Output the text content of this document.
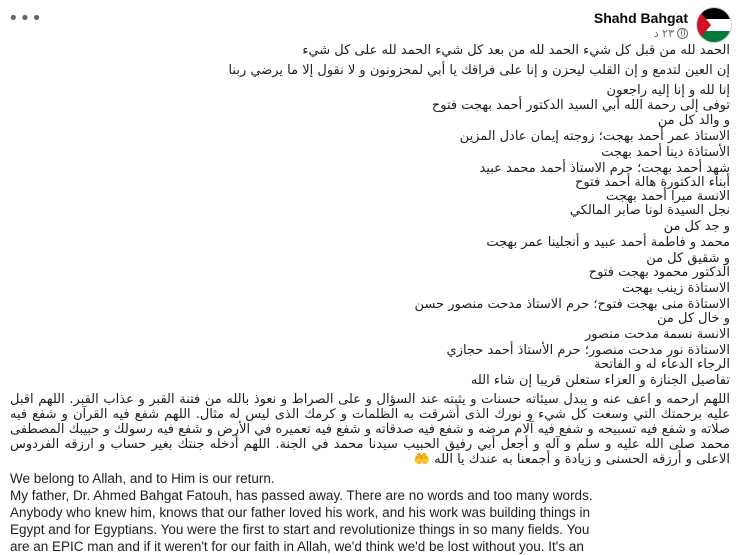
•••	Shahd Bahgat
٢٣ د
الحمد لله من قبل كل شيء الحمد لله من بعد كل شيء الحمد لله على كل شيء
إن العين لتدمع و إن القلب ليحزن و إنا على فراقك يا أبي لمحزونون و لا نقول إلا ما يرضي ربنا
إنا لله و إنا إليه راجعون
توفى إلى رحمة الله أبي السيد الدكتور أحمد بهجت فتوح
و والد كل من
الاستاذ عمر أحمد بهجت؛ زوجته إيمان عادل المزين
الأستاذة دينا أحمد بهجت
شهد أحمد بهجت؛ حرم الاستاذ أحمد محمد عبيد
أبناء الدكتورة هالة أحمد فتوح
الانسة ميرا أحمد بهجت
نجل السيدة لونا صابر المالكي
و جد كل من
محمد و فاطمة أحمد عبيد و أنجلينا عمر بهجت
و شقيق كل من
الدكتور محمود بهجت فتوح
الاستاذة زينب بهجت
الاستاذة منى بهجت فتوح؛ حرم الاستاذ مدحت منصور حسن
و خال كل من
الانسة نسمة مدحت منصور
الاستاذة نور مدحت منصور؛ حرم الأستاذ أحمد حجازي
الرجاء الدعاء له و الفاتحة
تفاصيل الجنازة و العزاء ستعلن قريبا إن شاء الله
اللهم ارحمه و اعف عنه و يبدل سيئاته حسنات و يثبته عند السؤال و على الصراط و نعوذ بالله من فتنة القبر و عذاب القبر. اللهم اقبل عليه برحمتك التي وسعت كل شيء و نورك الذى أشرقت به الظلمات و كرمك الذى ليس له مثال. اللهم شفع فيه القرآن و شفع فيه صلاته و شفع فيه تسبيحه و شفع فيه آلام مرضه و شفع فيه صدقاته و شفع فيه تعميره في الأرض و شفع فيه رسولك و حبيبك المصطفى محمد صلى الله عليه و سلم و آله و أجعل أبي رفيق الحبيب سيدنا محمد في الجنة. اللهم أدخله جنتك بغير حساب و ارزقه الفردوس الاعلى و أرزقه الحسنى و زيادة و أجمعنا به عندك يا الله 🤲
We belong to Allah, and to Him is our return.
My father, Dr. Ahmed Bahgat Fatouh, has passed away. There are no words and too many words.
Anybody who knew him, knows that our father loved his work, and his work was building things in
Egypt and for Egyptians. You were the first to start and revolutionize things in so many fields. You
are an EPIC man and if it weren't for our faith in Allah, we'd think we'd be lost without you. It's an
